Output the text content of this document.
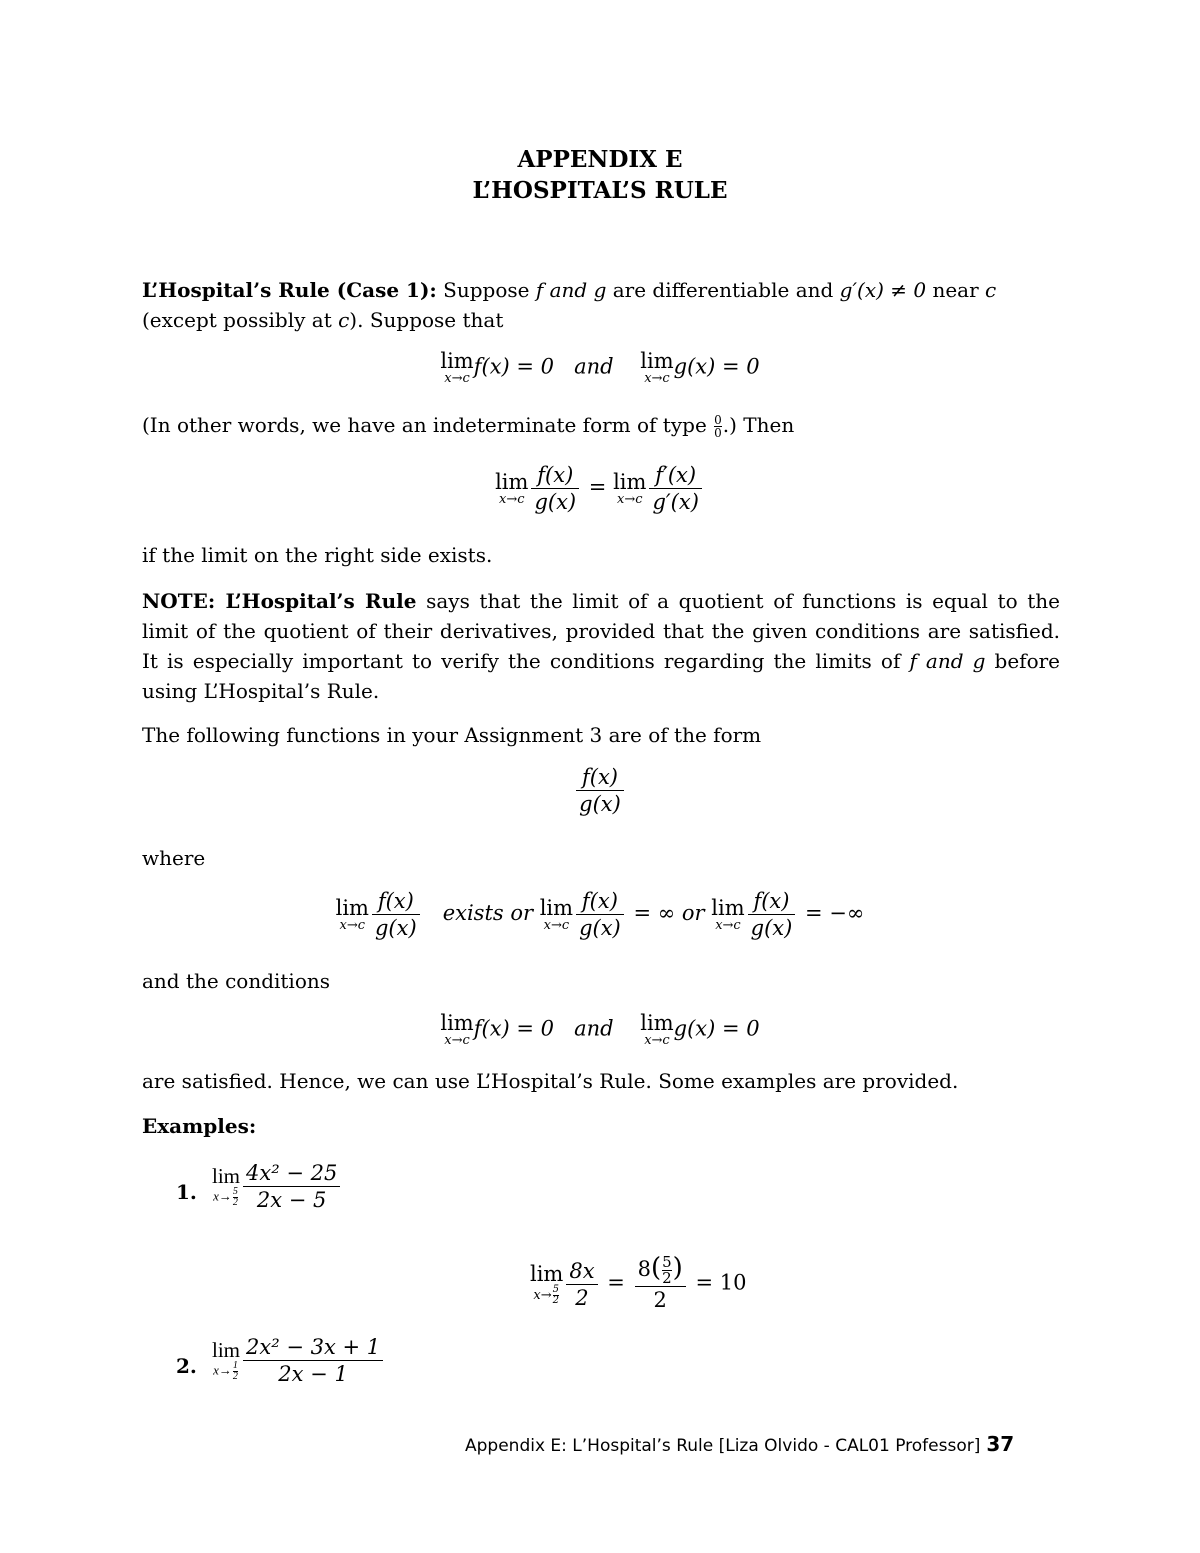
APPENDIX E
L’HOSPITAL’S RULE
L’Hospital’s Rule (Case 1): Suppose f and g are differentiable and g′(x) ≠ 0 near c
(except possibly at c). Suppose that
lim
x→c f(x) = 0 and lim
x→c g(x) = 0
(In other words, we have an indeterminate form of type $\frac{0}{0}$ .) Then
lim
$x\to c \frac{f(x)}{g(x)} = \lim$
$x\to c \frac{f'(x)}{g'(x)}$
if the limit on the right side exists.
NOTE: L’Hospital’s Rule says that the limit of a quotient of functions is equal to the limit of the quotient of their derivatives, provided that the given conditions are satisfied. It is especially important to verify the conditions regarding the limits of f and g before using L’Hospital’s Rule.
The following functions in your Assignment 3 are of the form
$\frac{f(x)}{g(x)}$
where
lim
$x\to c \frac{f(x)}{g(x)}$ exists or lim
$x\to c \frac{f(x)}{g(x)}$ = ∞ or lim
$x\to c \frac{f(x)}{g(x)}$ = −∞
and the conditions
lim
x→c f(x) = 0 and lim
x→c g(x) = 0
are satisfied. Hence, we can use L’Hospital’s Rule. Some examples are provided.
Examples:
1.
lim
$x\to \frac{5}{2} \frac{\text{4x² − 25}}{2x - 5}$
lim
$x\to \frac{5}{2} \frac{8x}{2} = \frac{8( \frac{5}{2} )}{2} = 10$
2.
lim
$x\to \frac{1}{2} \frac{\text{2x² − 3x + 1}}{2x - 1}$
Appendix E: L’Hospital’s Rule [Liza Olvido - CAL01 Professor] 37
